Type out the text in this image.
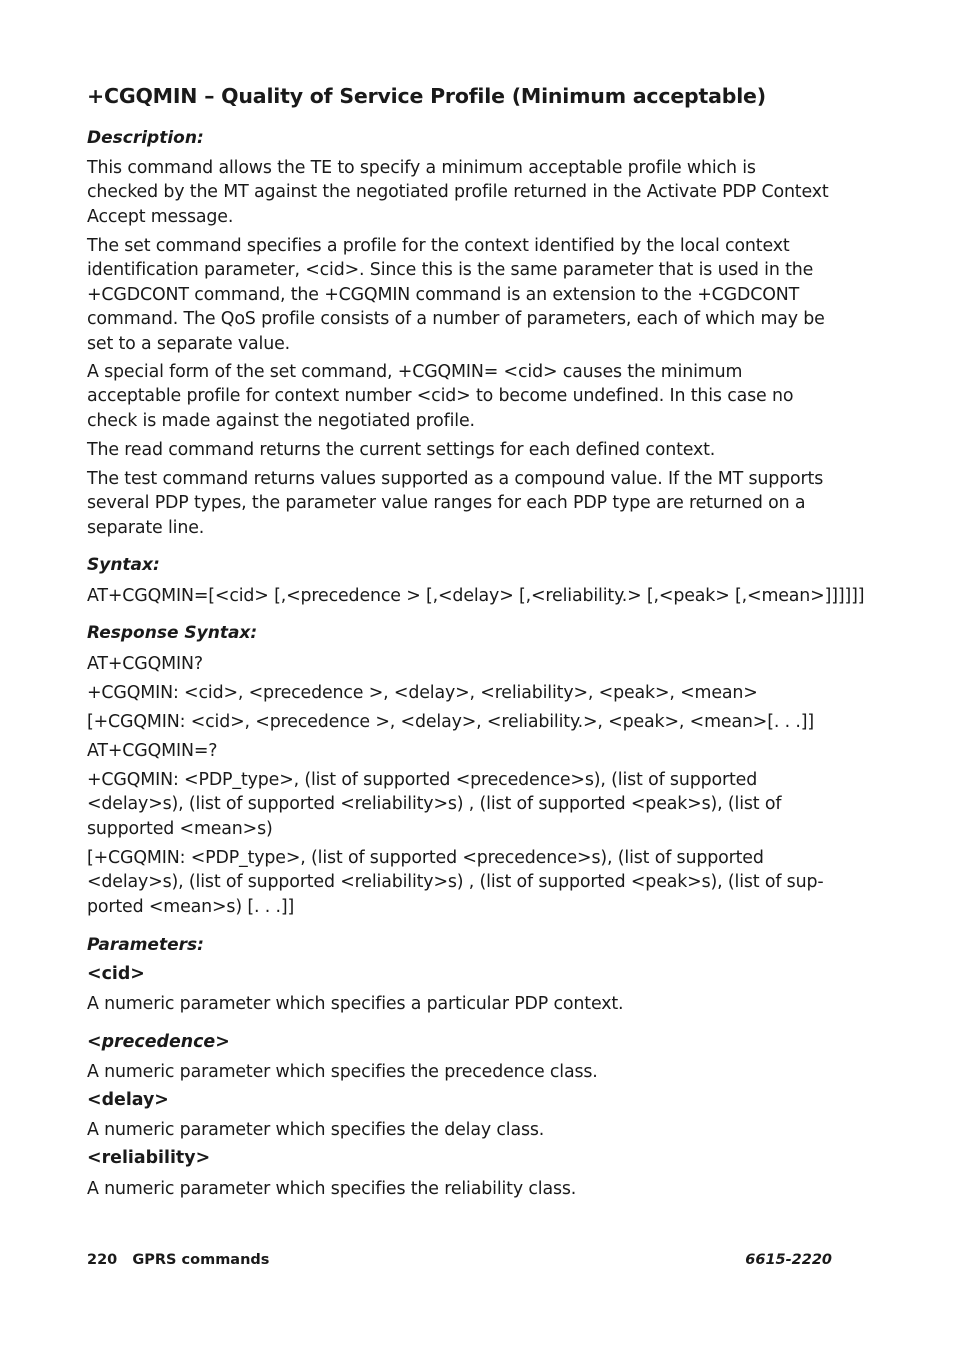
+CGQMIN – Quality of Service Profile (Minimum acceptable)
Description:
This command allows the TE to specify a minimum acceptable profile which is checked by the MT against the negotiated profile returned in the Activate PDP Context Accept message.
The set command specifies a profile for the context identified by the local context identification parameter, <cid>. Since this is the same parameter that is used in the +CGDCONT command, the +CGQMIN command is an extension to the +CGDCONT command. The QoS profile consists of a number of parameters, each of which may be set to a separate value.
A special form of the set command, +CGQMIN= <cid> causes the minimum acceptable profile for context number <cid> to become undefined. In this case no check is made against the negotiated profile.
The read command returns the current settings for each defined context.
The test command returns values supported as a compound value. If the MT supports several PDP types, the parameter value ranges for each PDP type are returned on a separate line.
Syntax:
AT+CGQMIN=[<cid> [,<precedence > [,<delay> [,<reliability.> [,<peak> [,<mean>]]]]]]
Response Syntax:
AT+CGQMIN?
+CGQMIN: <cid>, <precedence >, <delay>, <reliability>, <peak>, <mean>
[+CGQMIN: <cid>, <precedence >, <delay>, <reliability.>, <peak>, <mean>[. . .]]
AT+CGQMIN=?
+CGQMIN: <PDP_type>, (list of supported <precedence>s), (list of supported <delay>s), (list of supported <reliability>s) , (list of supported <peak>s), (list of supported <mean>s)
[+CGQMIN: <PDP_type>, (list of supported <precedence>s), (list of supported <delay>s), (list of supported <reliability>s) , (list of supported <peak>s), (list of sup-ported <mean>s) [. . .]]
Parameters:
<cid>
A numeric parameter which specifies a particular PDP context.
<precedence>
A numeric parameter which specifies the precedence class.
<delay>
A numeric parameter which specifies the delay class.
<reliability>
A numeric parameter which specifies the reliability class.
220 GPRS commands	6615-2220
